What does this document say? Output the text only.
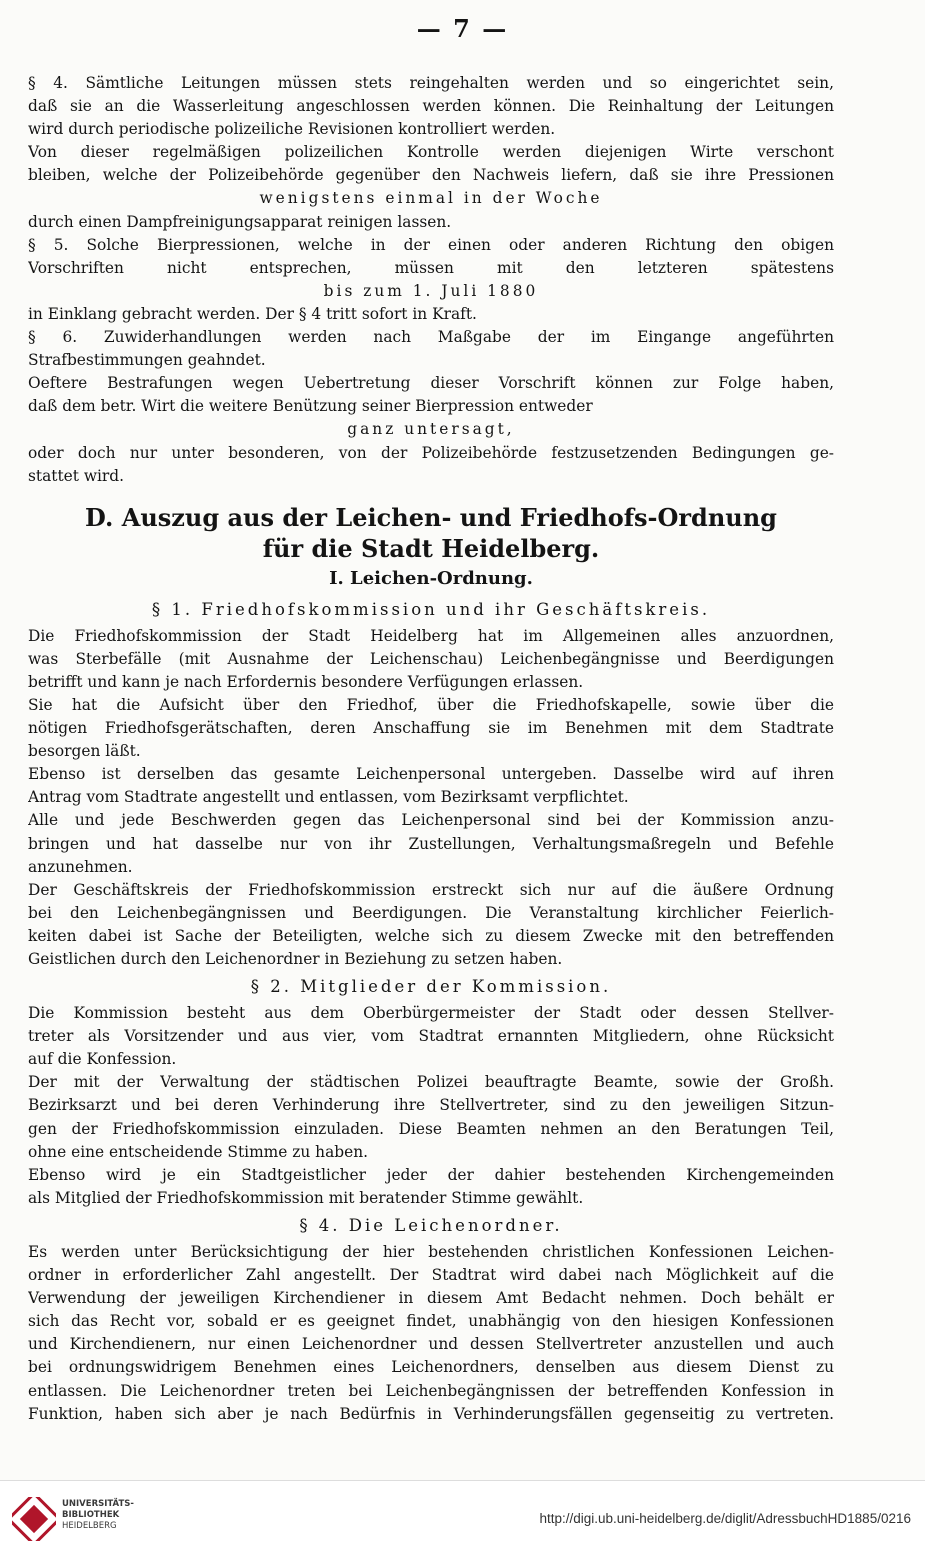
— 7 —
§ 4. Sämtliche Leitungen müssen stets reingehalten werden und so eingerichtet sein,
daß sie an die Wasserleitung angeschlossen werden können. Die Reinhaltung der Leitungen
wird durch periodische polizeiliche Revisionen kontrolliert werden.
Von dieser regelmäßigen polizeilichen Kontrolle werden diejenigen Wirte verschont
bleiben, welche der Polizeibehörde gegenüber den Nachweis liefern, daß sie ihre Pressionen
wenigstens einmal in der Woche
durch einen Dampfreinigungsapparat reinigen lassen.
§ 5. Solche Bierpressionen, welche in der einen oder anderen Richtung den obigen
Vorschriften nicht entsprechen, müssen mit den letzteren spätestens
bis zum 1. Juli 1880
in Einklang gebracht werden. Der § 4 tritt sofort in Kraft.
§ 6. Zuwiderhandlungen werden nach Maßgabe der im Eingange angeführten
Strafbestimmungen geahndet.
Oeftere Bestrafungen wegen Uebertretung dieser Vorschrift können zur Folge haben,
daß dem betr. Wirt die weitere Benützung seiner Bierpression entweder
ganz untersagt,
oder doch nur unter besonderen, von der Polizeibehörde festzusetzenden Bedingungen ge-
stattet wird.
D. Auszug aus der Leichen- und Friedhofs-Ordnung
für die Stadt Heidelberg.
I. Leichen-Ordnung.
§ 1. Friedhofskommission und ihr Geschäftskreis.
Die Friedhofskommission der Stadt Heidelberg hat im Allgemeinen alles anzuordnen,
was Sterbefälle (mit Ausnahme der Leichenschau) Leichenbegängnisse und Beerdigungen
betrifft und kann je nach Erfordernis besondere Verfügungen erlassen.
Sie hat die Aufsicht über den Friedhof, über die Friedhofskapelle, sowie über die
nötigen Friedhofsgerätschaften, deren Anschaffung sie im Benehmen mit dem Stadtrate
besorgen läßt.
Ebenso ist derselben das gesamte Leichenpersonal untergeben. Dasselbe wird auf ihren
Antrag vom Stadtrate angestellt und entlassen, vom Bezirksamt verpflichtet.
Alle und jede Beschwerden gegen das Leichenpersonal sind bei der Kommission anzu-
bringen und hat dasselbe nur von ihr Zustellungen, Verhaltungsmaßregeln und Befehle
anzunehmen.
Der Geschäftskreis der Friedhofskommission erstreckt sich nur auf die äußere Ordnung
bei den Leichenbegängnissen und Beerdigungen. Die Veranstaltung kirchlicher Feierlich-
keiten dabei ist Sache der Beteiligten, welche sich zu diesem Zwecke mit den betreffenden
Geistlichen durch den Leichenordner in Beziehung zu setzen haben.
§ 2. Mitglieder der Kommission.
Die Kommission besteht aus dem Oberbürgermeister der Stadt oder dessen Stellver-
treter als Vorsitzender und aus vier, vom Stadtrat ernannten Mitgliedern, ohne Rücksicht
auf die Konfession.
Der mit der Verwaltung der städtischen Polizei beauftragte Beamte, sowie der Großh.
Bezirksarzt und bei deren Verhinderung ihre Stellvertreter, sind zu den jeweiligen Sitzun-
gen der Friedhofskommission einzuladen. Diese Beamten nehmen an den Beratungen Teil,
ohne eine entscheidende Stimme zu haben.
Ebenso wird je ein Stadtgeistlicher jeder der dahier bestehenden Kirchengemeinden
als Mitglied der Friedhofskommission mit beratender Stimme gewählt.
§ 4. Die Leichenordner.
Es werden unter Berücksichtigung der hier bestehenden christlichen Konfessionen Leichen-
ordner in erforderlicher Zahl angestellt. Der Stadtrat wird dabei nach Möglichkeit auf die
Verwendung der jeweiligen Kirchendiener in diesem Amt Bedacht nehmen. Doch behält er
sich das Recht vor, sobald er es geeignet findet, unabhängig von den hiesigen Konfessionen
und Kirchendienern, nur einen Leichenordner und dessen Stellvertreter anzustellen und auch
bei ordnungswidrigem Benehmen eines Leichenordners, denselben aus diesem Dienst zu
entlassen. Die Leichenordner treten bei Leichenbegängnissen der betreffenden Konfession in
Funktion, haben sich aber je nach Bedürfnis in Verhinderungsfällen gegenseitig zu vertreten.
UNIVERSITÄTS-
BIBLIOTHEK
HEIDELBERG	http://digi.ub.uni-heidelberg.de/diglit/AdressbuchHD1885/0216
